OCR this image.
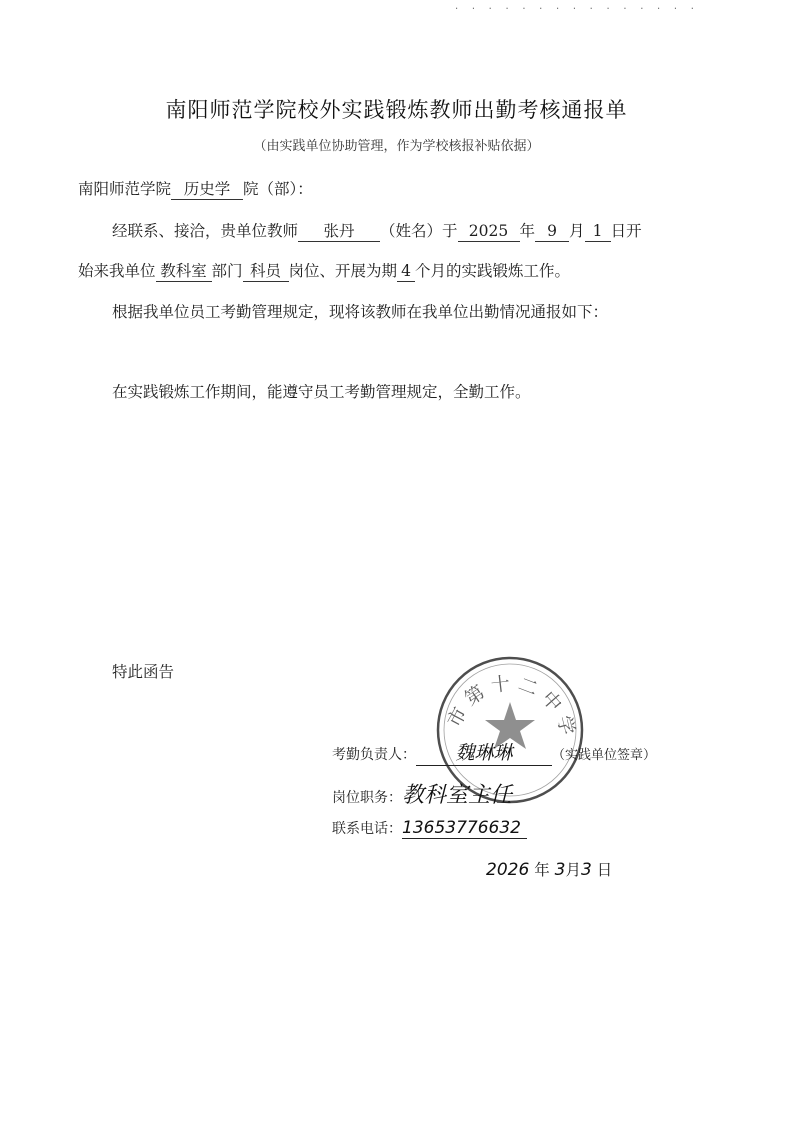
. . . . . . . . . . . . . . .
南阳师范学院校外实践锻炼教师出勤考核通报单
（由实践单位协助管理，作为学校核报补贴依据）
南阳师范学院 历史学 院（部）：
经联系、接洽，贵单位教师 张丹 （姓名）于 2025 年 9 月 1 日开
始来我单位 教科室 部门 科员 岗位、开展为期 4 个月的实践锻炼工作。
根据我单位员工考勤管理规定，现将该教师在我单位出勤情况通报如下：
在实践锻炼工作期间，能遵守员工考勤管理规定，全勤工作。
特此函告
市第十二中学
考勤负责人： 魏琳琳	（实践单位签章）
岗位职务：教科室主任
联系电话：13653776632
2026 年 3月3 日
